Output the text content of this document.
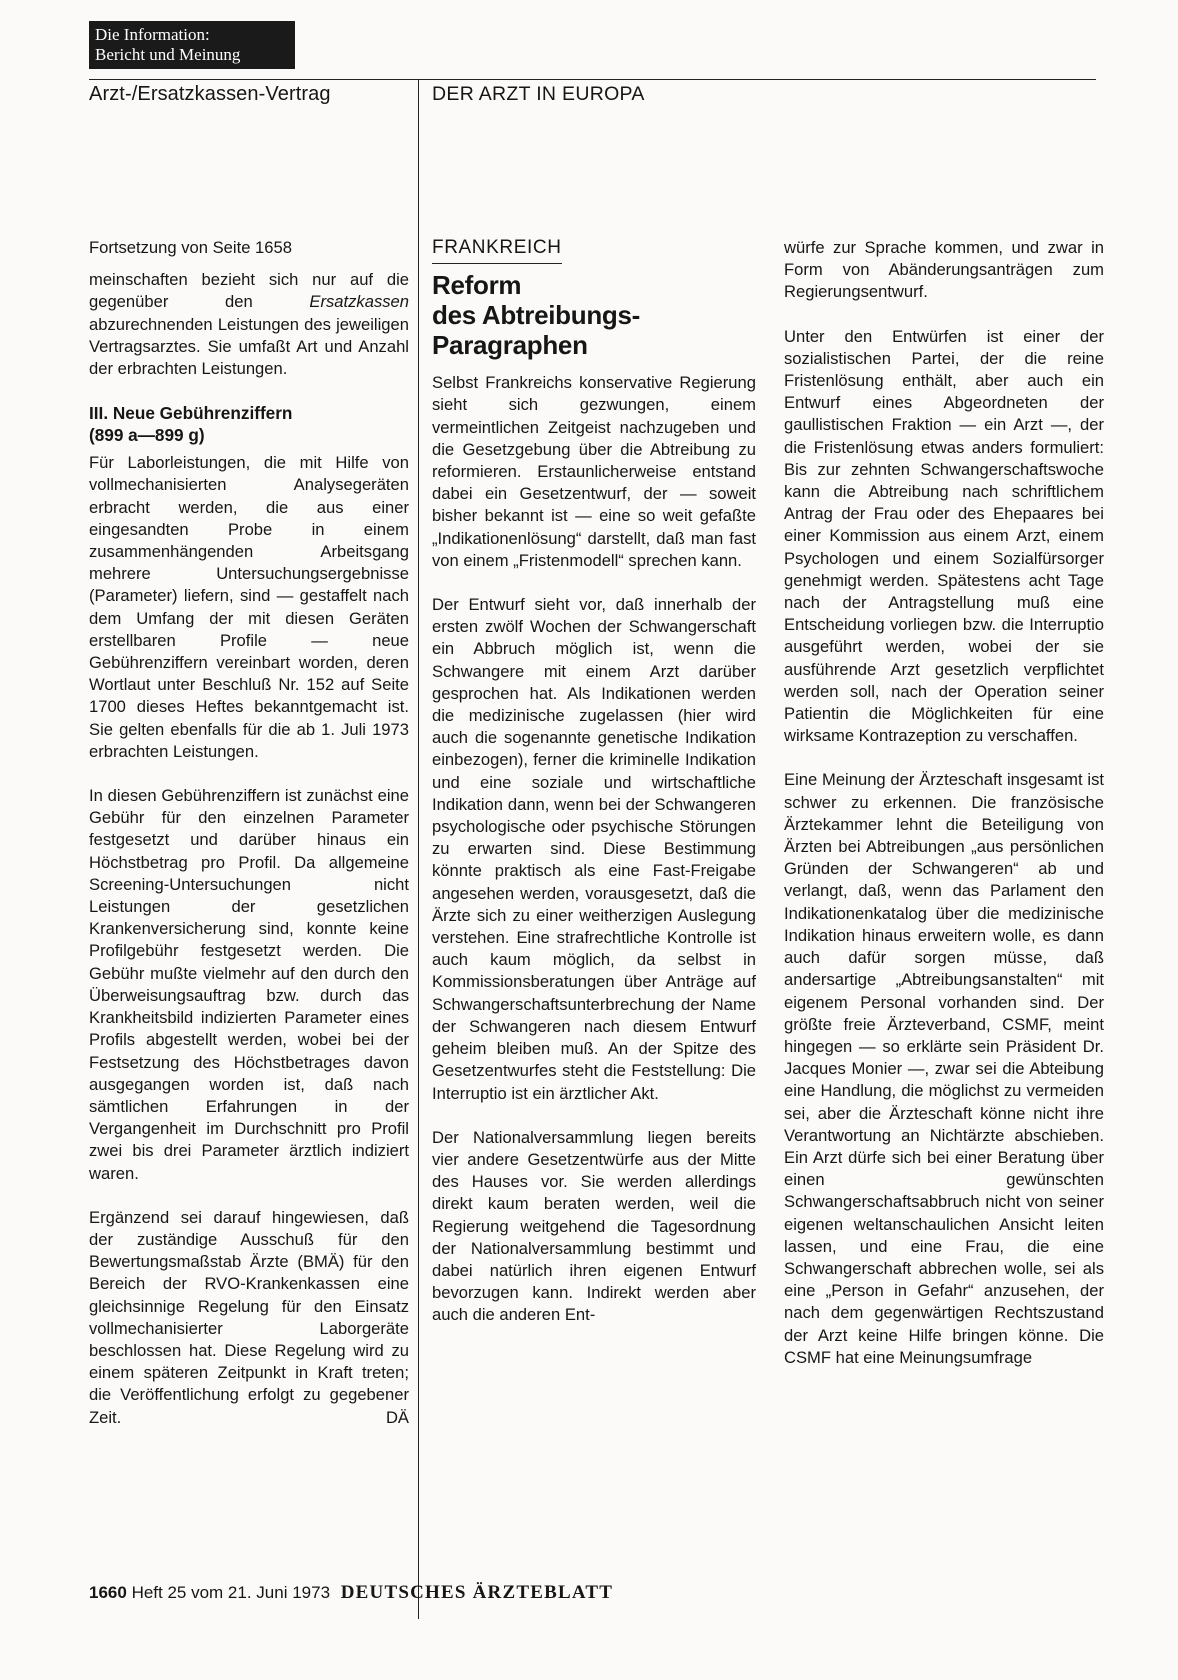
Die Information:
Bericht und Meinung
Arzt-/Ersatzkassen-Vertrag	DER ARZT IN EUROPA

Fortsetzung von Seite 1658

meinschaften bezieht sich nur auf die gegenüber den Ersatzkassen abzurechnenden Leistungen des jeweiligen Vertragsarztes. Sie umfaßt Art und Anzahl der erbrachten Leistungen.

III. Neue Gebührenziffern
(899 a—899 g)

Für Laborleistungen, die mit Hilfe von vollmechanisierten Analysegeräten erbracht werden, die aus einer eingesandten Probe in einem zusammenhängenden Arbeitsgang mehrere Untersuchungsergebnisse (Parameter) liefern, sind — gestaffelt nach dem Umfang der mit diesen Geräten erstellbaren Profile — neue Gebührenziffern vereinbart worden, deren Wortlaut unter Beschluß Nr. 152 auf Seite 1700 dieses Heftes bekanntgemacht ist. Sie gelten ebenfalls für die ab 1. Juli 1973 erbrachten Leistungen.

In diesen Gebührenziffern ist zunächst eine Gebühr für den einzelnen Parameter festgesetzt und darüber hinaus ein Höchstbetrag pro Profil. Da allgemeine Screening-Untersuchungen nicht Leistungen der gesetzlichen Krankenversicherung sind, konnte keine Profilgebühr festgesetzt werden. Die Gebühr mußte vielmehr auf den durch den Überweisungsauftrag bzw. durch das Krankheitsbild indizierten Parameter eines Profils abgestellt werden, wobei bei der Festsetzung des Höchstbetrages davon ausgegangen worden ist, daß nach sämtlichen Erfahrungen in der Vergangenheit im Durchschnitt pro Profil zwei bis drei Parameter ärztlich indiziert waren.

Ergänzend sei darauf hingewiesen, daß der zuständige Ausschuß für den Bewertungsmaßstab Ärzte (BMÄ) für den Bereich der RVO-Krankenkassen eine gleichsinnige Regelung für den Einsatz vollmechanisierter Laborgeräte beschlossen hat. Diese Regelung wird zu einem späteren Zeitpunkt in Kraft treten; die Veröffentlichung erfolgt zu gegebener Zeit.	DÄ

FRANKREICH
Reform
des Abtreibungs-
Paragraphen

Selbst Frankreichs konservative Regierung sieht sich gezwungen, einem vermeintlichen Zeitgeist nachzugeben und die Gesetzgebung über die Abtreibung zu reformieren. Erstaunlicherweise entstand dabei ein Gesetzentwurf, der — soweit bisher bekannt ist — eine so weit gefaßte „Indikationenlösung“ darstellt, daß man fast von einem „Fristenmodell“ sprechen kann.

Der Entwurf sieht vor, daß innerhalb der ersten zwölf Wochen der Schwangerschaft ein Abbruch möglich ist, wenn die Schwangere mit einem Arzt darüber gesprochen hat. Als Indikationen werden die medizinische zugelassen (hier wird auch die sogenannte genetische Indikation einbezogen), ferner die kriminelle Indikation und eine soziale und wirtschaftliche Indikation dann, wenn bei der Schwangeren psychologische oder psychische Störungen zu erwarten sind. Diese Bestimmung könnte praktisch als eine Fast-Freigabe angesehen werden, vorausgesetzt, daß die Ärzte sich zu einer weitherzigen Auslegung verstehen. Eine strafrechtliche Kontrolle ist auch kaum möglich, da selbst in Kommissionsberatungen über Anträge auf Schwangerschaftsunterbrechung der Name der Schwangeren nach diesem Entwurf geheim bleiben muß. An der Spitze des Gesetzentwurfes steht die Feststellung: Die Interruptio ist ein ärztlicher Akt.

Der Nationalversammlung liegen bereits vier andere Gesetzentwürfe aus der Mitte des Hauses vor. Sie werden allerdings direkt kaum beraten werden, weil die Regierung weitgehend die Tagesordnung der Nationalversammlung bestimmt und dabei natürlich ihren eigenen Entwurf bevorzugen kann. Indirekt werden aber auch die anderen Ent-

würfe zur Sprache kommen, und zwar in Form von Abänderungsanträgen zum Regierungsentwurf.

Unter den Entwürfen ist einer der sozialistischen Partei, der die reine Fristenlösung enthält, aber auch ein Entwurf eines Abgeordneten der gaullistischen Fraktion — ein Arzt —, der die Fristenlösung etwas anders formuliert: Bis zur zehnten Schwangerschaftswoche kann die Abtreibung nach schriftlichem Antrag der Frau oder des Ehepaares bei einer Kommission aus einem Arzt, einem Psychologen und einem Sozialfürsorger genehmigt werden. Spätestens acht Tage nach der Antragstellung muß eine Entscheidung vorliegen bzw. die Interruptio ausgeführt werden, wobei der sie ausführende Arzt gesetzlich verpflichtet werden soll, nach der Operation seiner Patientin die Möglichkeiten für eine wirksame Kontrazeption zu verschaffen.

Eine Meinung der Ärzteschaft insgesamt ist schwer zu erkennen. Die französische Ärztekammer lehnt die Beteiligung von Ärzten bei Abtreibungen „aus persönlichen Gründen der Schwangeren“ ab und verlangt, daß, wenn das Parlament den Indikationenkatalog über die medizinische Indikation hinaus erweitern wolle, es dann auch dafür sorgen müsse, daß andersartige „Abtreibungsanstalten“ mit eigenem Personal vorhanden sind. Der größte freie Ärzteverband, CSMF, meint hingegen — so erklärte sein Präsident Dr. Jacques Monier —, zwar sei die Abteibung eine Handlung, die möglichst zu vermeiden sei, aber die Ärzteschaft könne nicht ihre Verantwortung an Nichtärzte abschieben. Ein Arzt dürfe sich bei einer Beratung über einen gewünschten Schwangerschaftsabbruch nicht von seiner eigenen weltanschaulichen Ansicht leiten lassen, und eine Frau, die eine Schwangerschaft abbrechen wolle, sei als eine „Person in Gefahr“ anzusehen, der nach dem gegenwärtigen Rechtszustand der Arzt keine Hilfe bringen könne. Die CSMF hat eine Meinungsumfrage

1660 Heft 25 vom 21. Juni 1973 DEUTSCHES ÄRZTEBLATT
